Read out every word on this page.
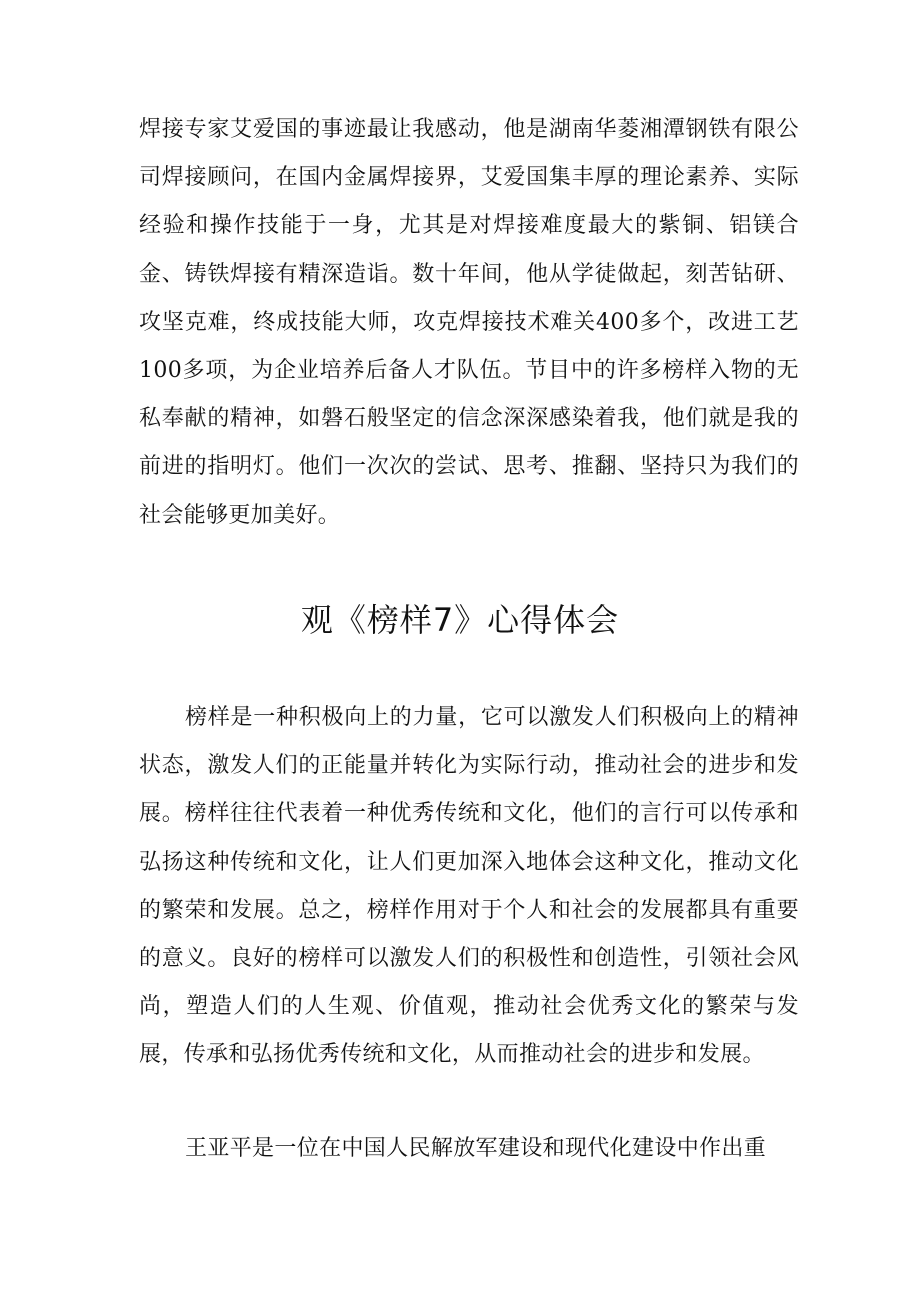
焊接专家艾爱国的事迹最让我感动，他是湖南华菱湘潭钢铁有限公司焊接顾问，在国内金属焊接界，艾爱国集丰厚的理论素养、实际经验和操作技能于一身，尤其是对焊接难度最大的紫铜、铝镁合金、铸铁焊接有精深造诣。数十年间，他从学徒做起，刻苦钻研、攻坚克难，终成技能大师，攻克焊接技术难关400多个，改进工艺100多项，为企业培养后备人才队伍。节目中的许多榜样入物的无私奉献的精神，如磐石般坚定的信念深深感染着我，他们就是我的前进的指明灯。他们一次次的尝试、思考、推翻、坚持只为我们的社会能够更加美好。

观《榜样7》心得体会

榜样是一种积极向上的力量，它可以激发人们积极向上的精神状态，激发人们的正能量并转化为实际行动，推动社会的进步和发展。榜样往往代表着一种优秀传统和文化，他们的言行可以传承和弘扬这种传统和文化，让人们更加深入地体会这种文化，推动文化的繁荣和发展。总之，榜样作用对于个人和社会的发展都具有重要的意义。良好的榜样可以激发人们的积极性和创造性，引领社会风尚，塑造人们的人生观、价值观，推动社会优秀文化的繁荣与发展，传承和弘扬优秀传统和文化，从而推动社会的进步和发展。

王亚平是一位在中国人民解放军建设和现代化建设中作出重
